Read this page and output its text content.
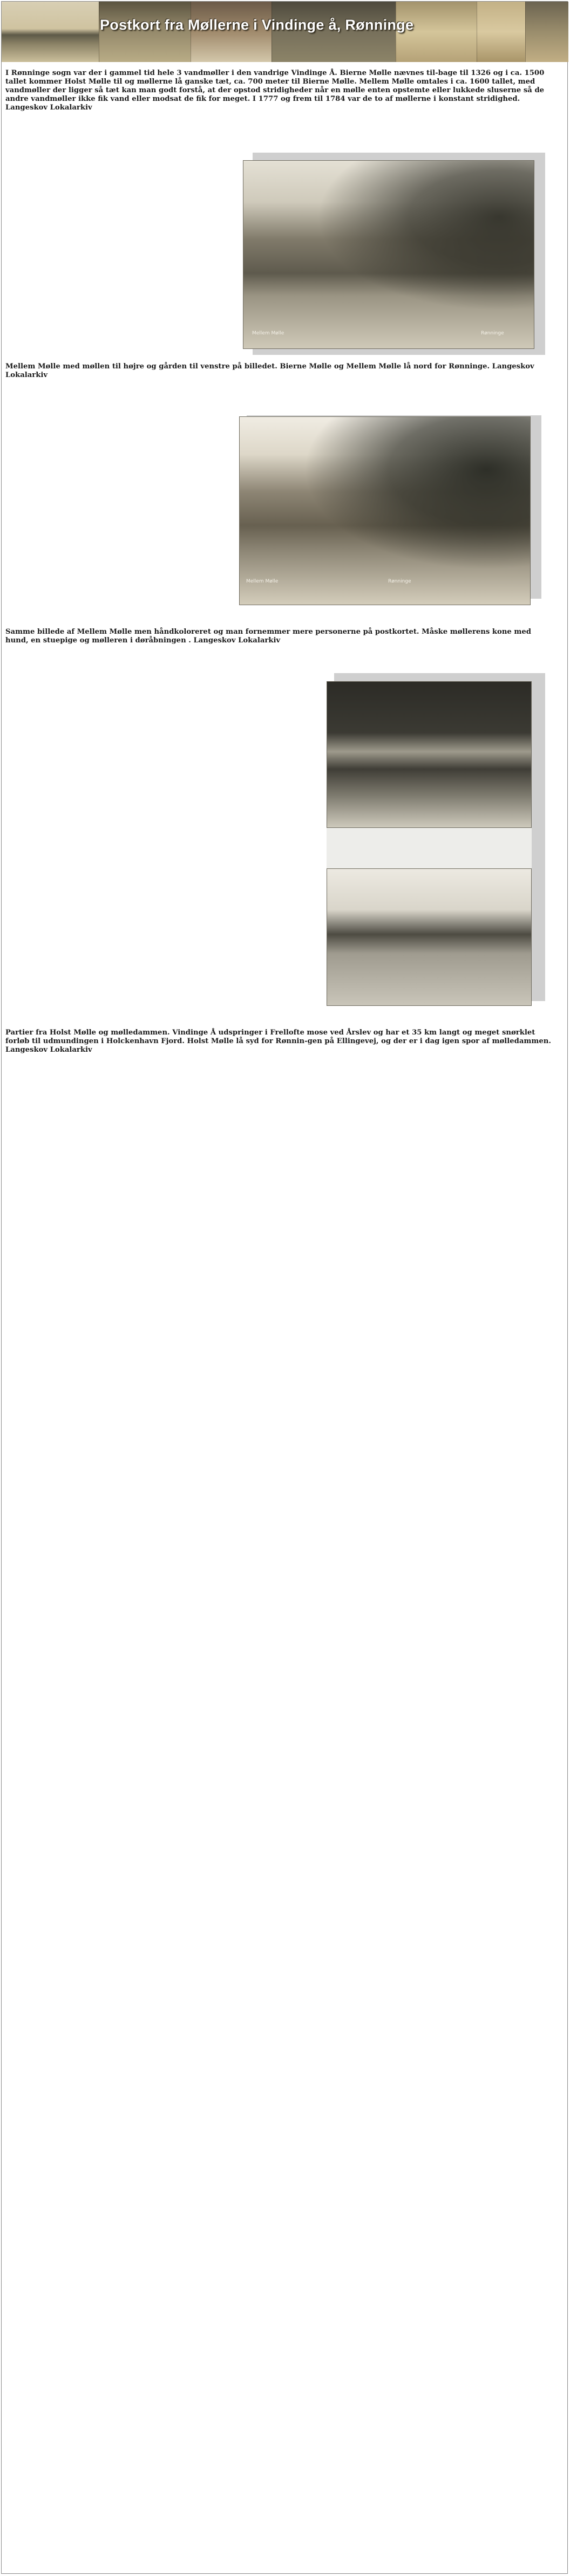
Postkort fra Møllerne i Vindinge å, Rønninge
I Rønninge sogn var der i gammel tid hele 3 vandmøller i den vandrige Vindinge Å. Bierne Mølle nævnes til-bage til 1326 og i ca. 1500 tallet kommer Holst Mølle til og møllerne lå ganske tæt, ca. 700 meter til Bierne Mølle. Mellem Mølle omtales i ca. 1600 tallet, med vandmøller der ligger så tæt kan man godt forstå, at der opstod stridigheder når en mølle enten opstemte eller lukkede sluserne så de andre vandmøller ikke fik vand eller modsat de fik for meget. I 1777 og frem til 1784 var de to af møllerne i konstant stridighed. Langeskov Lokalarkiv
Mellem Mølle	Rønninge
Mellem Mølle med møllen til højre og gården til venstre på billedet. Bierne Mølle og Mellem Mølle lå nord for Rønninge. Langeskov Lokalarkiv
Mellem Mølle	Rønninge
Samme billede af Mellem Mølle men håndkoloreret og man fornemmer mere personerne på postkortet. Måske møllerens kone med hund, en stuepige og mølleren i døråbningen . Langeskov Lokalarkiv
Partier fra Holst Mølle og mølledammen. Vindinge Å udspringer i Frellofte mose ved Årslev og har et 35 km langt og meget snørklet forløb til udmundingen i Holckenhavn Fjord. Holst Mølle lå syd for Rønnin-gen på Ellingevej, og der er i dag igen spor af mølledammen. Langeskov Lokalarkiv
